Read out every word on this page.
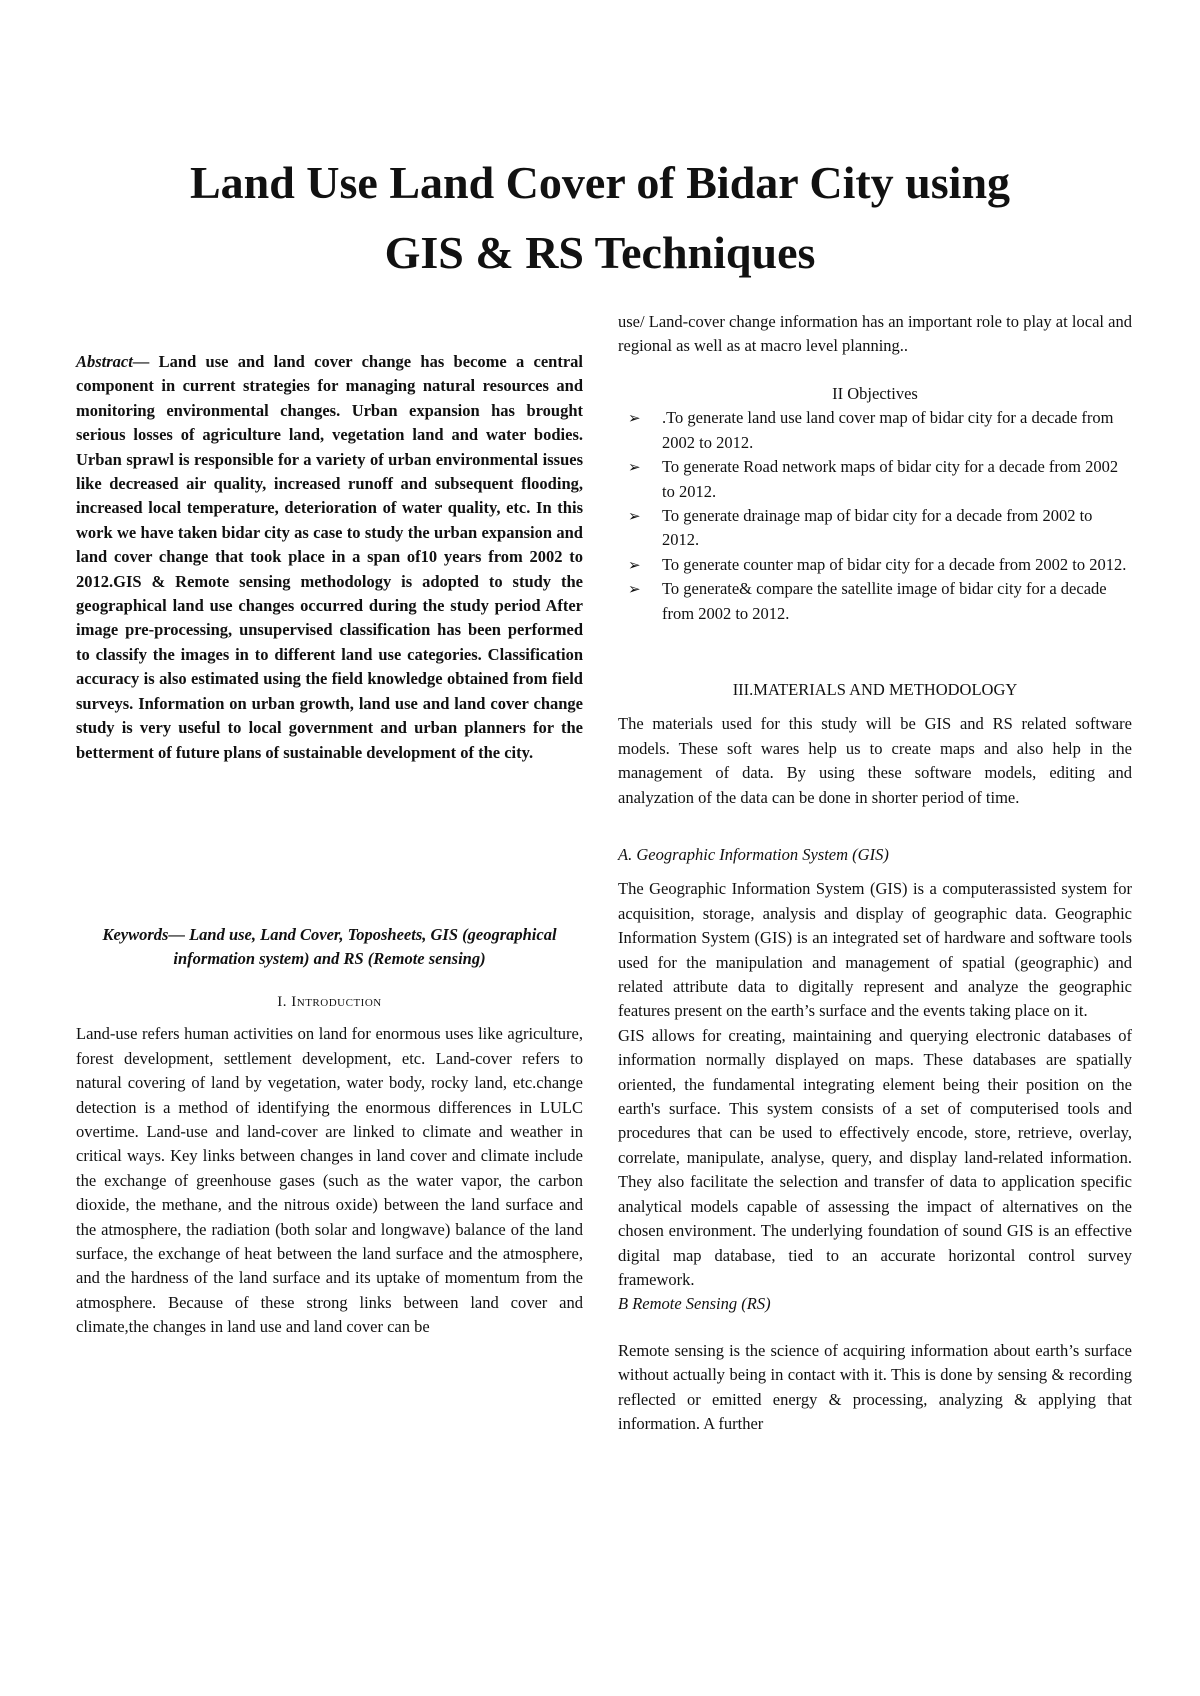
Land Use Land Cover of Bidar City using
GIS & RS Techniques

Abstract— Land use and land cover change has become a central component in current strategies for managing natural resources and monitoring environmental changes. Urban expansion has brought serious losses of agriculture land, vegetation land and water bodies. Urban sprawl is responsible for a variety of urban environmental issues like decreased air quality, increased runoff and subsequent flooding, increased local temperature, deterioration of water quality, etc. In this work we have taken bidar city as case to study the urban expansion and land cover change that took place in a span of10 years from 2002 to 2012.GIS & Remote sensing methodology is adopted to study the geographical land use changes occurred during the study period After image pre-processing, unsupervised classification has been performed to classify the images in to different land use categories. Classification accuracy is also estimated using the field knowledge obtained from field surveys. Information on urban growth, land use and land cover change study is very useful to local government and urban planners for the betterment of future plans of sustainable development of the city.

Keywords— Land use, Land Cover, Toposheets, GIS (geographical information system) and RS (Remote sensing)

I. Introduction

Land-use refers human activities on land for enormous uses like agriculture, forest development, settlement development, etc. Land-cover refers to natural covering of land by vegetation, water body, rocky land, etc.change detection is a method of identifying the enormous differences in LULC overtime. Land-use and land-cover are linked to climate and weather in critical ways. Key links between changes in land cover and climate include the exchange of greenhouse gases (such as the water vapor, the carbon dioxide, the methane, and the nitrous oxide) between the land surface and the atmosphere, the radiation (both solar and longwave) balance of the land surface, the exchange of heat between the land surface and the atmosphere, and the hardness of the land surface and its uptake of momentum from the atmosphere. Because of these strong links between land cover and climate,the changes in land use and land cover can be

use/ Land-cover change information has an important role to play at local and regional as well as at macro level planning..

II Objectives

➢ .To generate land use land cover map of bidar city for a decade from 2002 to 2012.
➢ To generate Road network maps of bidar city for a decade from 2002 to 2012.
➢ To generate drainage map of bidar city for a decade from 2002 to 2012.
➢ To generate counter map of bidar city for a decade from 2002 to 2012.
➢ To generate& compare the satellite image of bidar city for a decade from 2002 to 2012.

III.MATERIALS AND METHODOLOGY

The materials used for this study will be GIS and RS related software models. These soft wares help us to create maps and also help in the management of data. By using these software models, editing and analyzation of the data can be done in shorter period of time.

A. Geographic Information System (GIS)

The Geographic Information System (GIS) is a computerassisted system for acquisition, storage, analysis and display of geographic data. Geographic Information System (GIS) is an integrated set of hardware and software tools used for the manipulation and management of spatial (geographic) and related attribute data to digitally represent and analyze the geographic features present on the earth’s surface and the events taking place on it.

GIS allows for creating, maintaining and querying electronic databases of information normally displayed on maps. These databases are spatially oriented, the fundamental integrating element being their position on the earth's surface. This system consists of a set of computerised tools and procedures that can be used to effectively encode, store, retrieve, overlay, correlate, manipulate, analyse, query, and display land-related information. They also facilitate the selection and transfer of data to application specific analytical models capable of assessing the impact of alternatives on the chosen environment. The underlying foundation of sound GIS is an effective digital map database, tied to an accurate horizontal control survey framework.

B Remote Sensing (RS)

Remote sensing is the science of acquiring information about earth’s surface without actually being in contact with it. This is done by sensing & recording reflected or emitted energy & processing, analyzing & applying that information. A further
